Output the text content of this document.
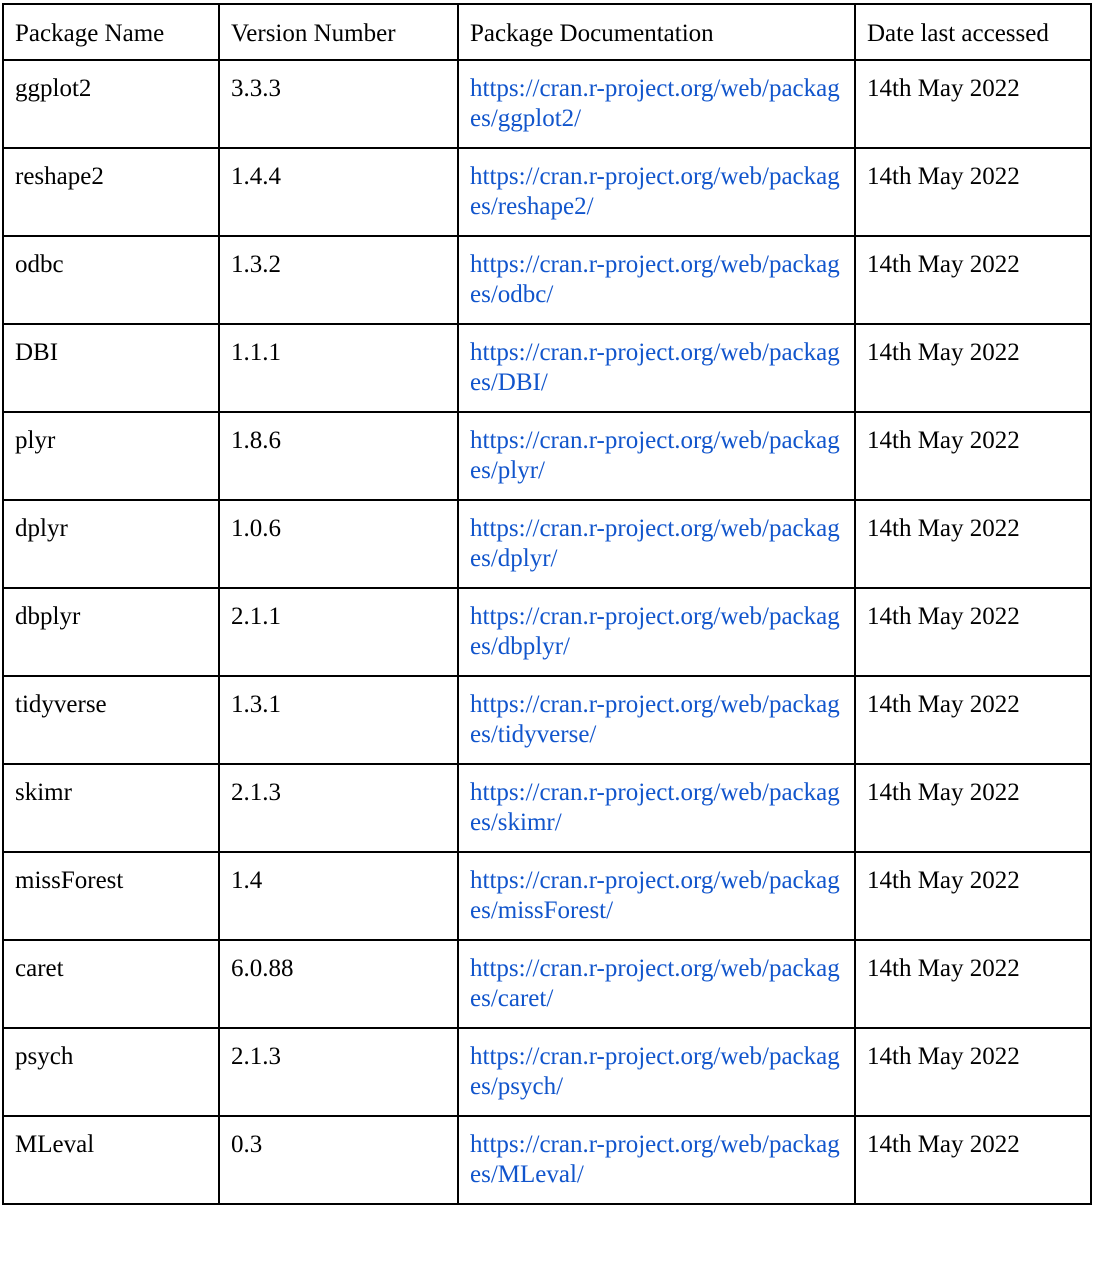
Package Name	Version Number	Package Documentation	Date last accessed
ggplot2	3.3.3	https://cran.r-project.org/web/packages/ggplot2/	14th May 2022
reshape2	1.4.4	https://cran.r-project.org/web/packages/reshape2/	14th May 2022
odbc	1.3.2	https://cran.r-project.org/web/packages/odbc/	14th May 2022
DBI	1.1.1	https://cran.r-project.org/web/packages/DBI/	14th May 2022
plyr	1.8.6	https://cran.r-project.org/web/packages/plyr/	14th May 2022
dplyr	1.0.6	https://cran.r-project.org/web/packages/dplyr/	14th May 2022
dbplyr	2.1.1	https://cran.r-project.org/web/packages/dbplyr/	14th May 2022
tidyverse	1.3.1	https://cran.r-project.org/web/packages/tidyverse/	14th May 2022
skimr	2.1.3	https://cran.r-project.org/web/packages/skimr/	14th May 2022
missForest	1.4	https://cran.r-project.org/web/packages/missForest/	14th May 2022
caret	6.0.88	https://cran.r-project.org/web/packages/caret/	14th May 2022
psych	2.1.3	https://cran.r-project.org/web/packages/psych/	14th May 2022
MLeval	0.3	https://cran.r-project.org/web/packages/MLeval/	14th May 2022
